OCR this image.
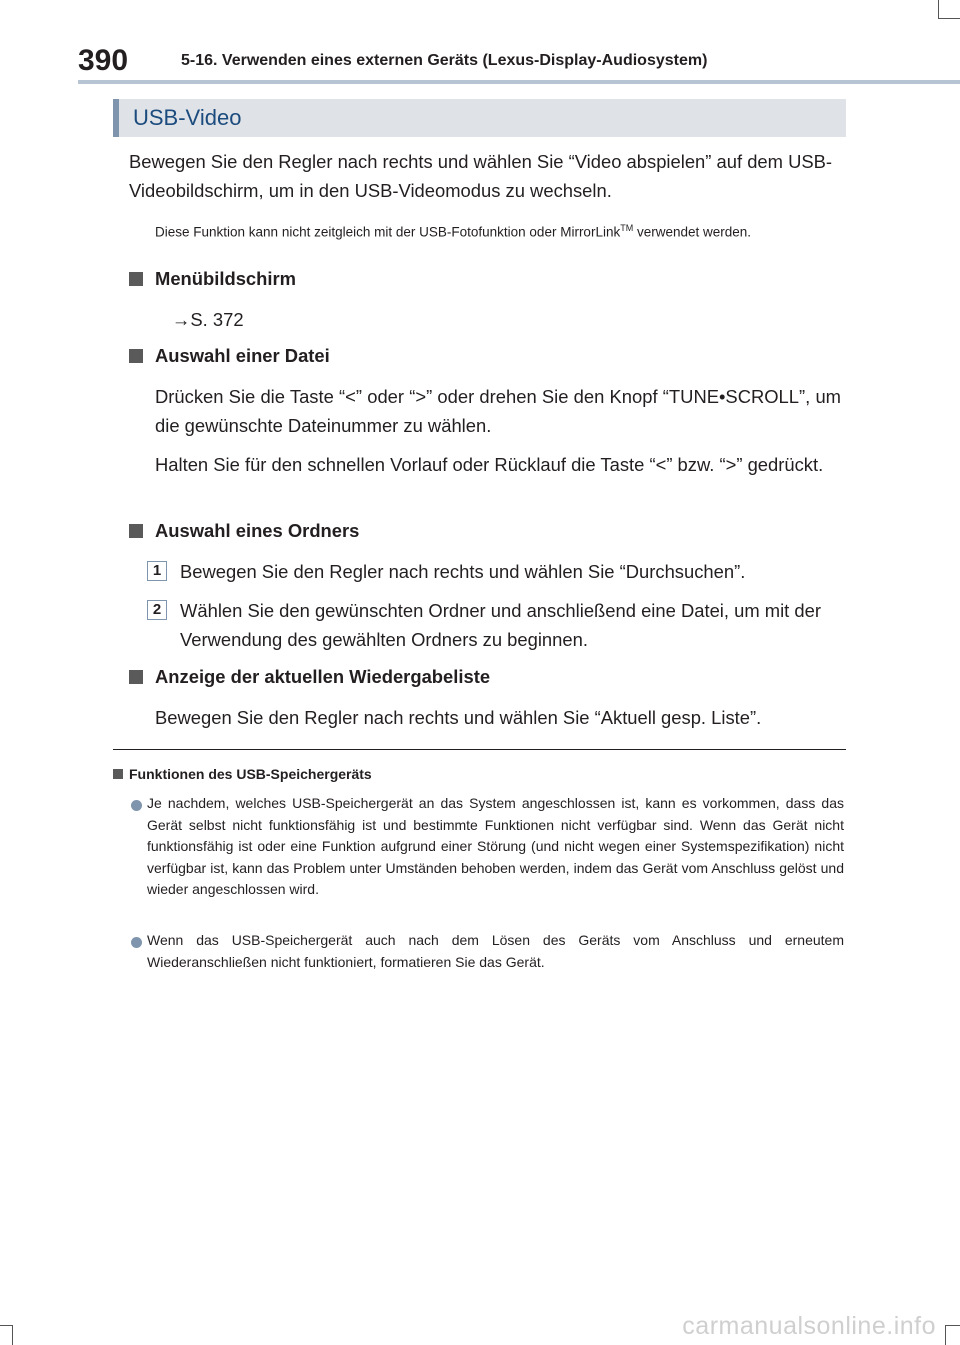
390	5-16. Verwenden eines externen Geräts (Lexus-Display-Audiosystem)
USB-Video
Bewegen Sie den Regler nach rechts und wählen Sie “Video abspielen” auf dem USB-Videobildschirm, um in den USB-Videomodus zu wechseln.
Diese Funktion kann nicht zeitgleich mit der USB-Fotofunktion oder MirrorLink™ verwendet werden.
Menübildschirm
→S. 372
Auswahl einer Datei
Drücken Sie die Taste “<” oder “>” oder drehen Sie den Knopf “TUNE•SCROLL”, um die gewünschte Dateinummer zu wählen.
Halten Sie für den schnellen Vorlauf oder Rücklauf die Taste “<” bzw. “>” gedrückt.
Auswahl eines Ordners
1	Bewegen Sie den Regler nach rechts und wählen Sie “Durchsuchen”.
2	Wählen Sie den gewünschten Ordner und anschließend eine Datei, um mit der Verwendung des gewählten Ordners zu beginnen.
Anzeige der aktuellen Wiedergabeliste
Bewegen Sie den Regler nach rechts und wählen Sie “Aktuell gesp. Liste”.
Funktionen des USB-Speichergeräts
Je nachdem, welches USB-Speichergerät an das System angeschlossen ist, kann es vorkommen, dass das Gerät selbst nicht funktionsfähig ist und bestimmte Funktionen nicht verfügbar sind. Wenn das Gerät nicht funktionsfähig ist oder eine Funktion aufgrund einer Störung (und nicht wegen einer Systemspezifikation) nicht verfügbar ist, kann das Problem unter Umständen behoben werden, indem das Gerät vom Anschluss gelöst und wieder angeschlossen wird.
Wenn das USB-Speichergerät auch nach dem Lösen des Geräts vom Anschluss und erneutem Wiederanschließen nicht funktioniert, formatieren Sie das Gerät.
carmanualsonline.info
